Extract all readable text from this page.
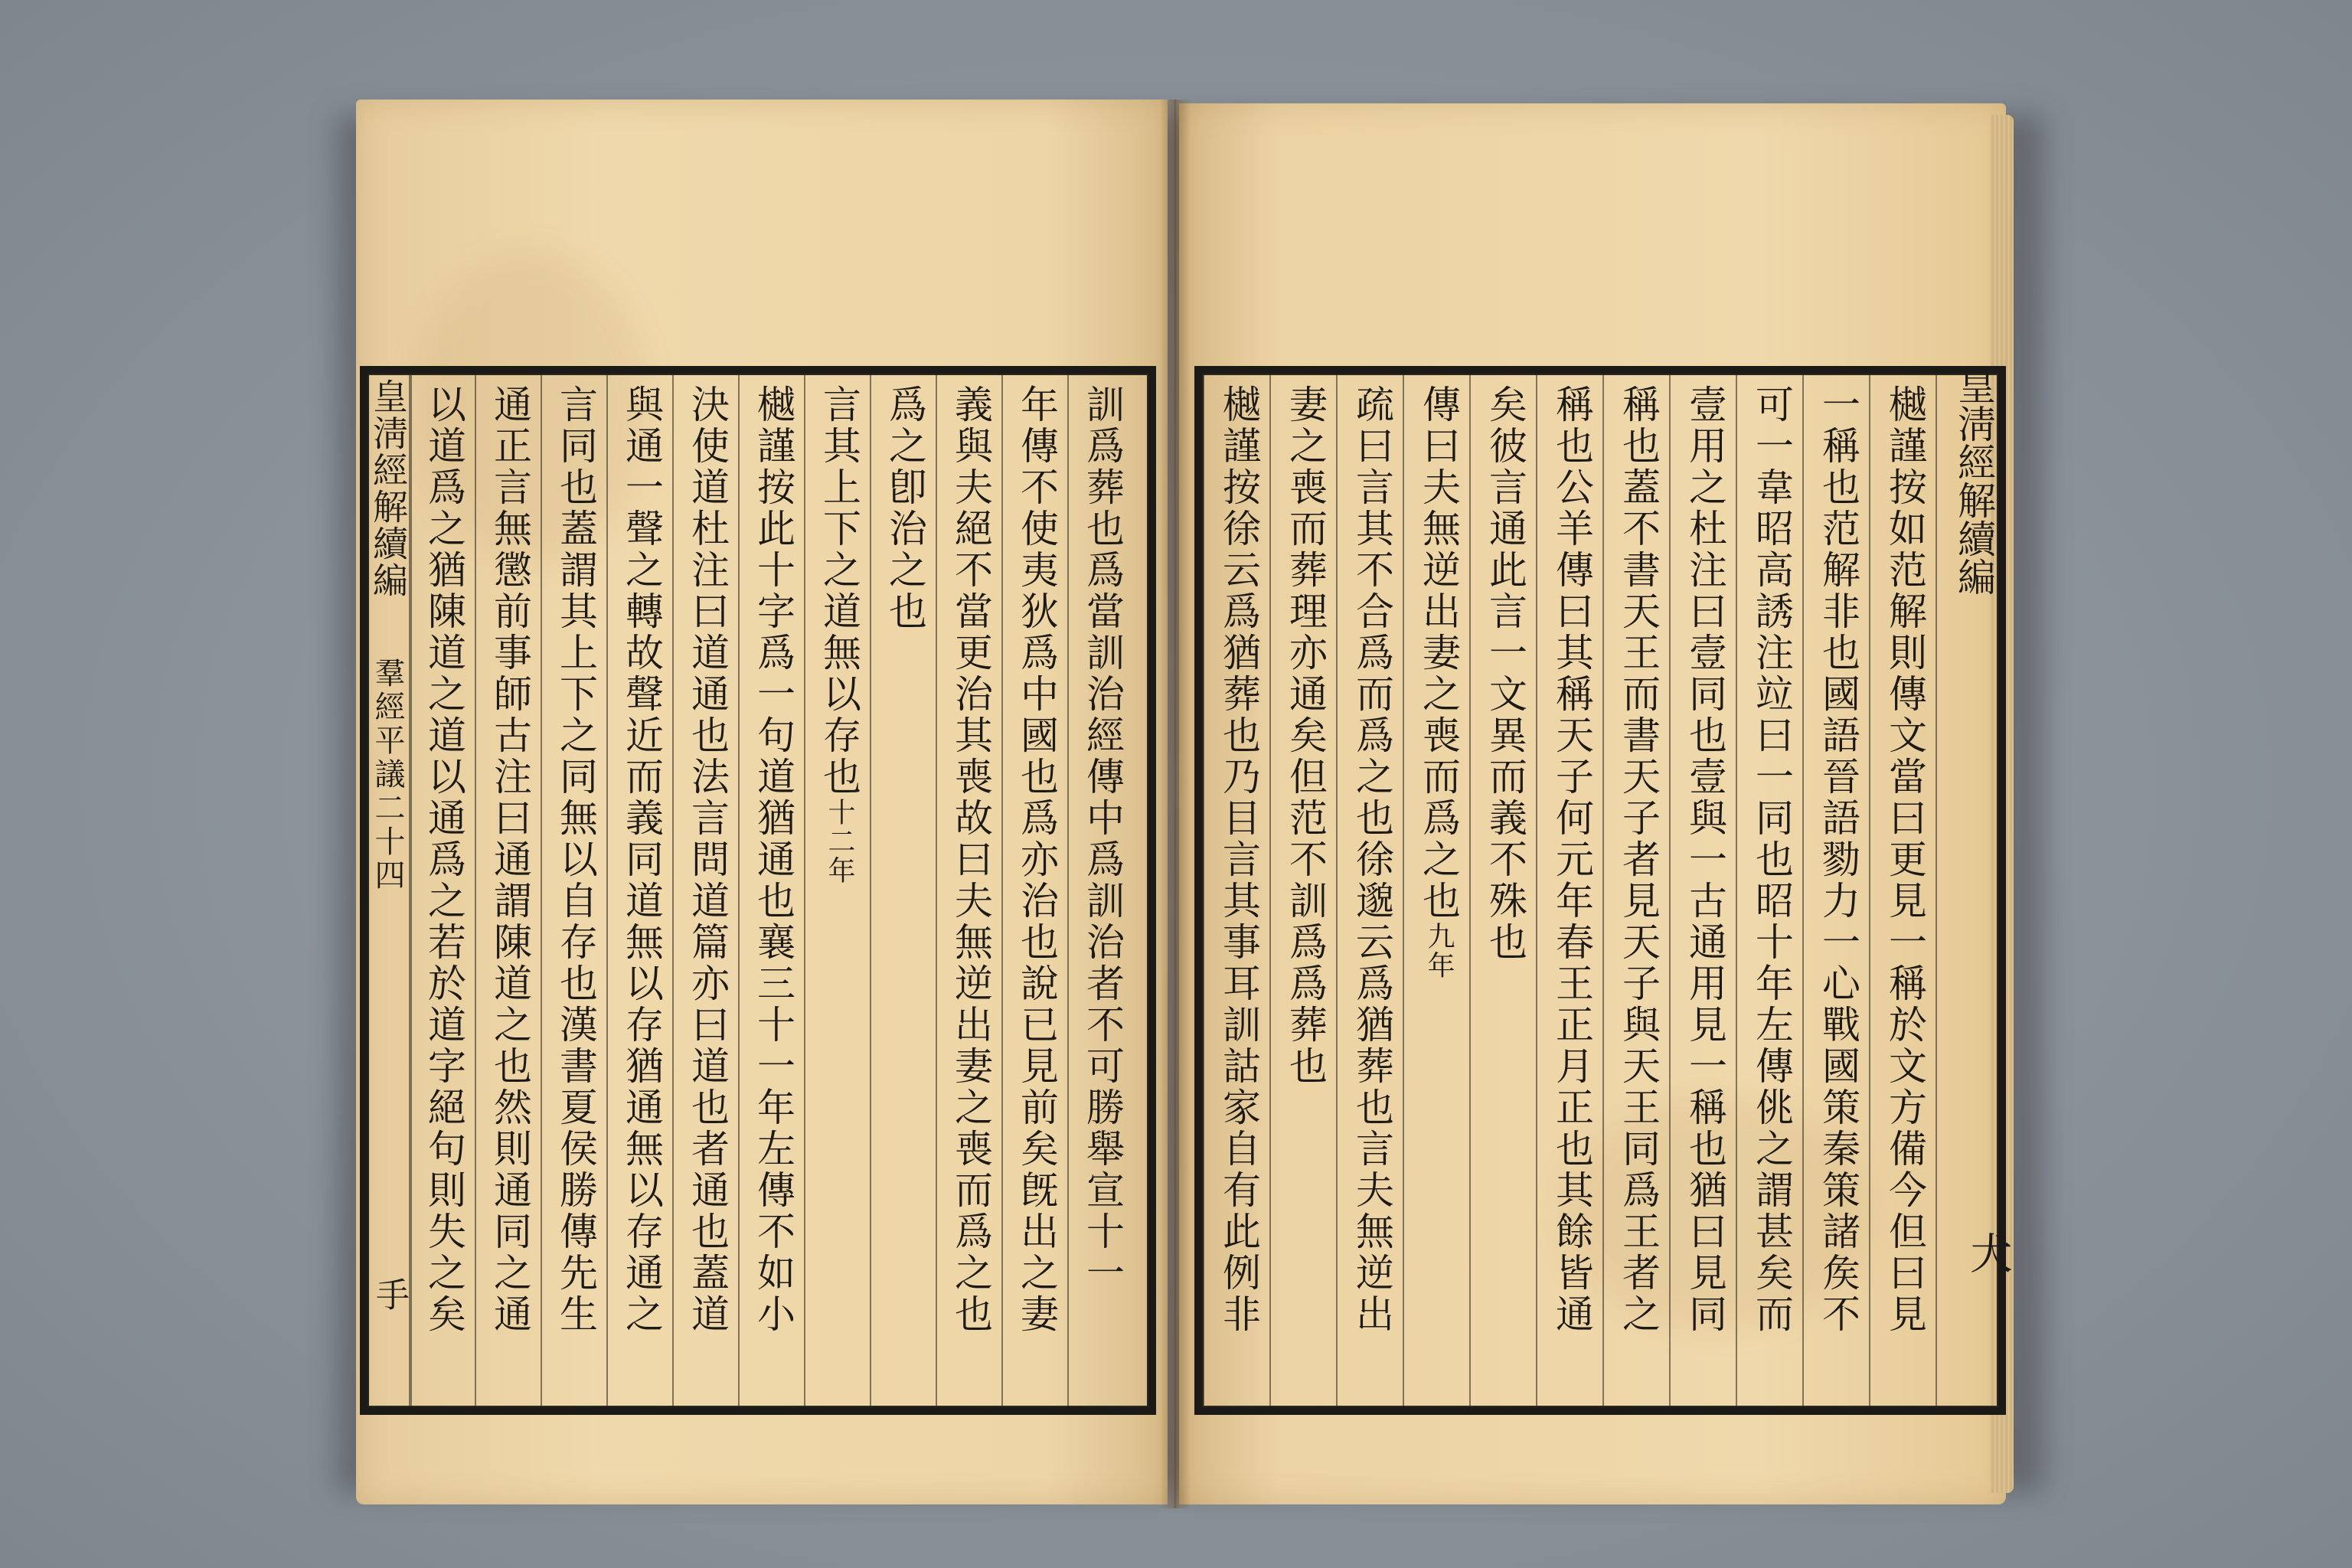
皇淸經解續編
羣經平議二十四
手	訓爲葬也爲當訓治經傳中爲訓治者不可勝舉宣十一
年傳不使夷狄爲中國也爲亦治也說已見前矣旣出之妻
義與夫絕不當更治其喪故曰夫無逆出妻之喪而爲之也
爲之卽治之也
言其上下之道無以存也十二年
樾謹按此十字爲一句道猶通也襄三十一年左傳不如小
決使道杜注曰道通也法言問道篇亦曰道也者通也蓋道
與通一聲之轉故聲近而義同道無以存猶通無以存通之
言同也蓋謂其上下之同無以自存也漢書夏侯勝傳先生
通正言無懲前事師古注曰通謂陳道之也然則通同之通
以道爲之猶陳道之道以通爲之若於道字絕句則失之矣	樾謹按如范解則傳文當曰更見一稱於文方備今但曰見
一稱也范解非也國語晉語勠力一心戰國策秦策諸矦不
可一韋昭高誘注竝曰一同也昭十年左傳佻之謂甚矣而
壹用之杜注曰壹同也壹與一古通用見一稱也猶曰見同
稱也蓋不書天王而書天子者見天子與天王同爲王者之
稱也公羊傳曰其稱天子何元年春王正月正也其餘皆通
矣彼言通此言一文異而義不殊也
傳曰夫無逆出妻之喪而爲之也九年
疏曰言其不合爲而爲之也徐邈云爲猶葬也言夫無逆出
妻之喪而葬理亦通矣但范不訓爲爲葬也
樾謹按徐云爲猶葬也乃目言其事耳訓詁家自有此例非	皇淸經解續編
犬
